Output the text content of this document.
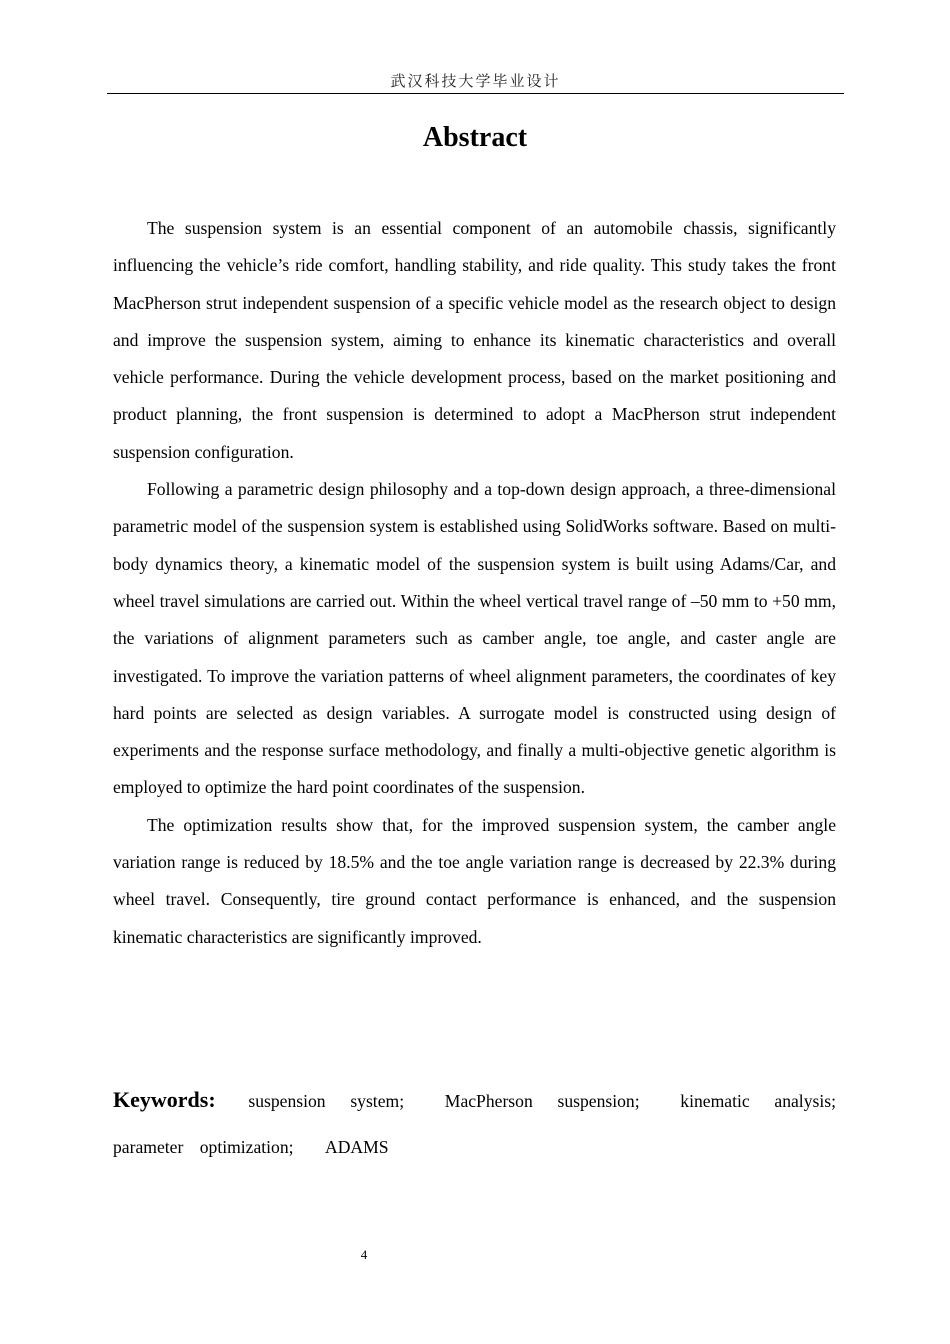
武汉科技大学毕业设计
Abstract

The suspension system is an essential component of an automobile chassis, significantly influencing the vehicle’s ride comfort, handling stability, and ride quality. This study takes the front MacPherson strut independent suspension of a specific vehicle model as the research object to design and improve the suspension system, aiming to enhance its kinematic characteristics and overall vehicle performance. During the vehicle development process, based on the market positioning and product planning, the front suspension is determined to adopt a MacPherson strut independent suspension configuration.

Following a parametric design philosophy and a top-down design approach, a three-dimensional parametric model of the suspension system is established using SolidWorks software. Based on multi-body dynamics theory, a kinematic model of the suspension system is built using Adams/Car, and wheel travel simulations are carried out. Within the wheel vertical travel range of –50 mm to +50 mm, the variations of alignment parameters such as camber angle, toe angle, and caster angle are investigated. To improve the variation patterns of wheel alignment parameters, the coordinates of key hard points are selected as design variables. A surrogate model is constructed using design of experiments and the response surface methodology, and finally a multi-objective genetic algorithm is employed to optimize the hard point coordinates of the suspension.

The optimization results show that, for the improved suspension system, the camber angle variation range is reduced by 18.5% and the toe angle variation range is decreased by 22.3% during wheel travel. Consequently, tire ground contact performance is enhanced, and the suspension kinematic characteristics are significantly improved.

Keywords: suspension system; MacPherson suspension; kinematic analysis; parameter optimization; ADAMS
4
